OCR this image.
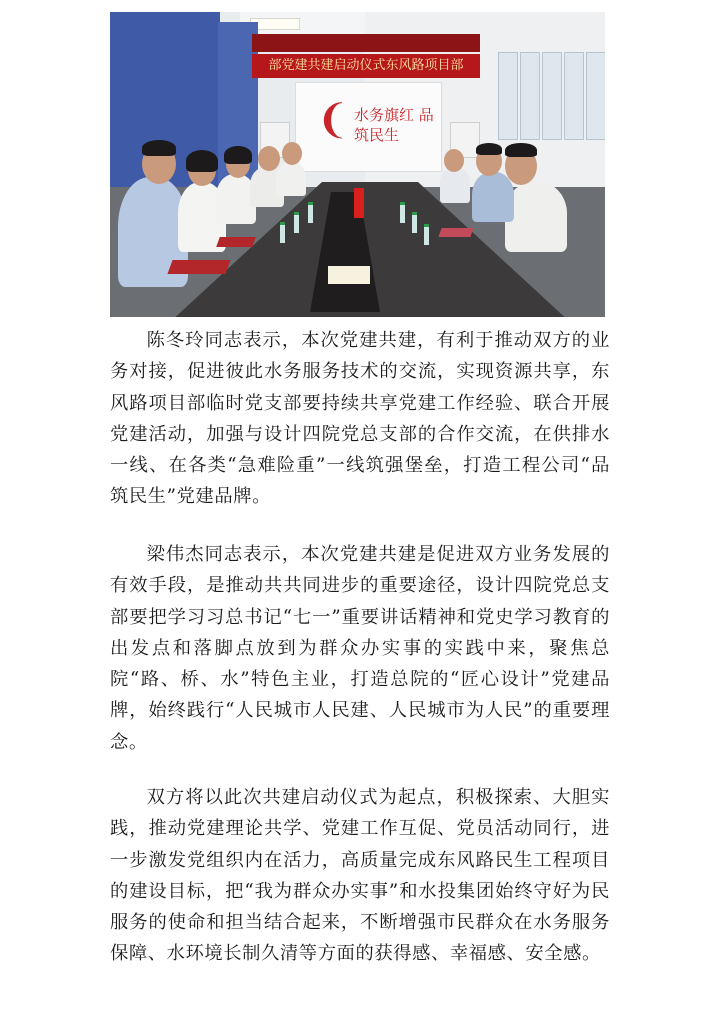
部党建共建启动仪式东风路项目部
❨ 水务旗红 品筑民生

陈冬玲同志表示，本次党建共建，有利于推动双方的业务对接，促进彼此水务服务技术的交流，实现资源共享，东风路项目部临时党支部要持续共享党建工作经验、联合开展党建活动，加强与设计四院党总支部的合作交流，在供排水一线、在各类“急难险重”一线筑强堡垒，打造工程公司“品筑民生”党建品牌。

梁伟杰同志表示，本次党建共建是促进双方业务发展的有效手段，是推动共共同进步的重要途径，设计四院党总支部要把学习习总书记“七一”重要讲话精神和党史学习教育的出发点和落脚点放到为群众办实事的实践中来，聚焦总院“路、桥、水”特色主业，打造总院的“匠心设计”党建品牌，始终践行“人民城市人民建、人民城市为人民”的重要理念。

双方将以此次共建启动仪式为起点，积极探索、大胆实践，推动党建理论共学、党建工作互促、党员活动同行，进一步激发党组织内在活力，高质量完成东风路民生工程项目的建设目标，把“我为群众办实事”和水投集团始终守好为民服务的使命和担当结合起来，不断增强市民群众在水务服务保障、水环境长制久清等方面的获得感、幸福感、安全感。
